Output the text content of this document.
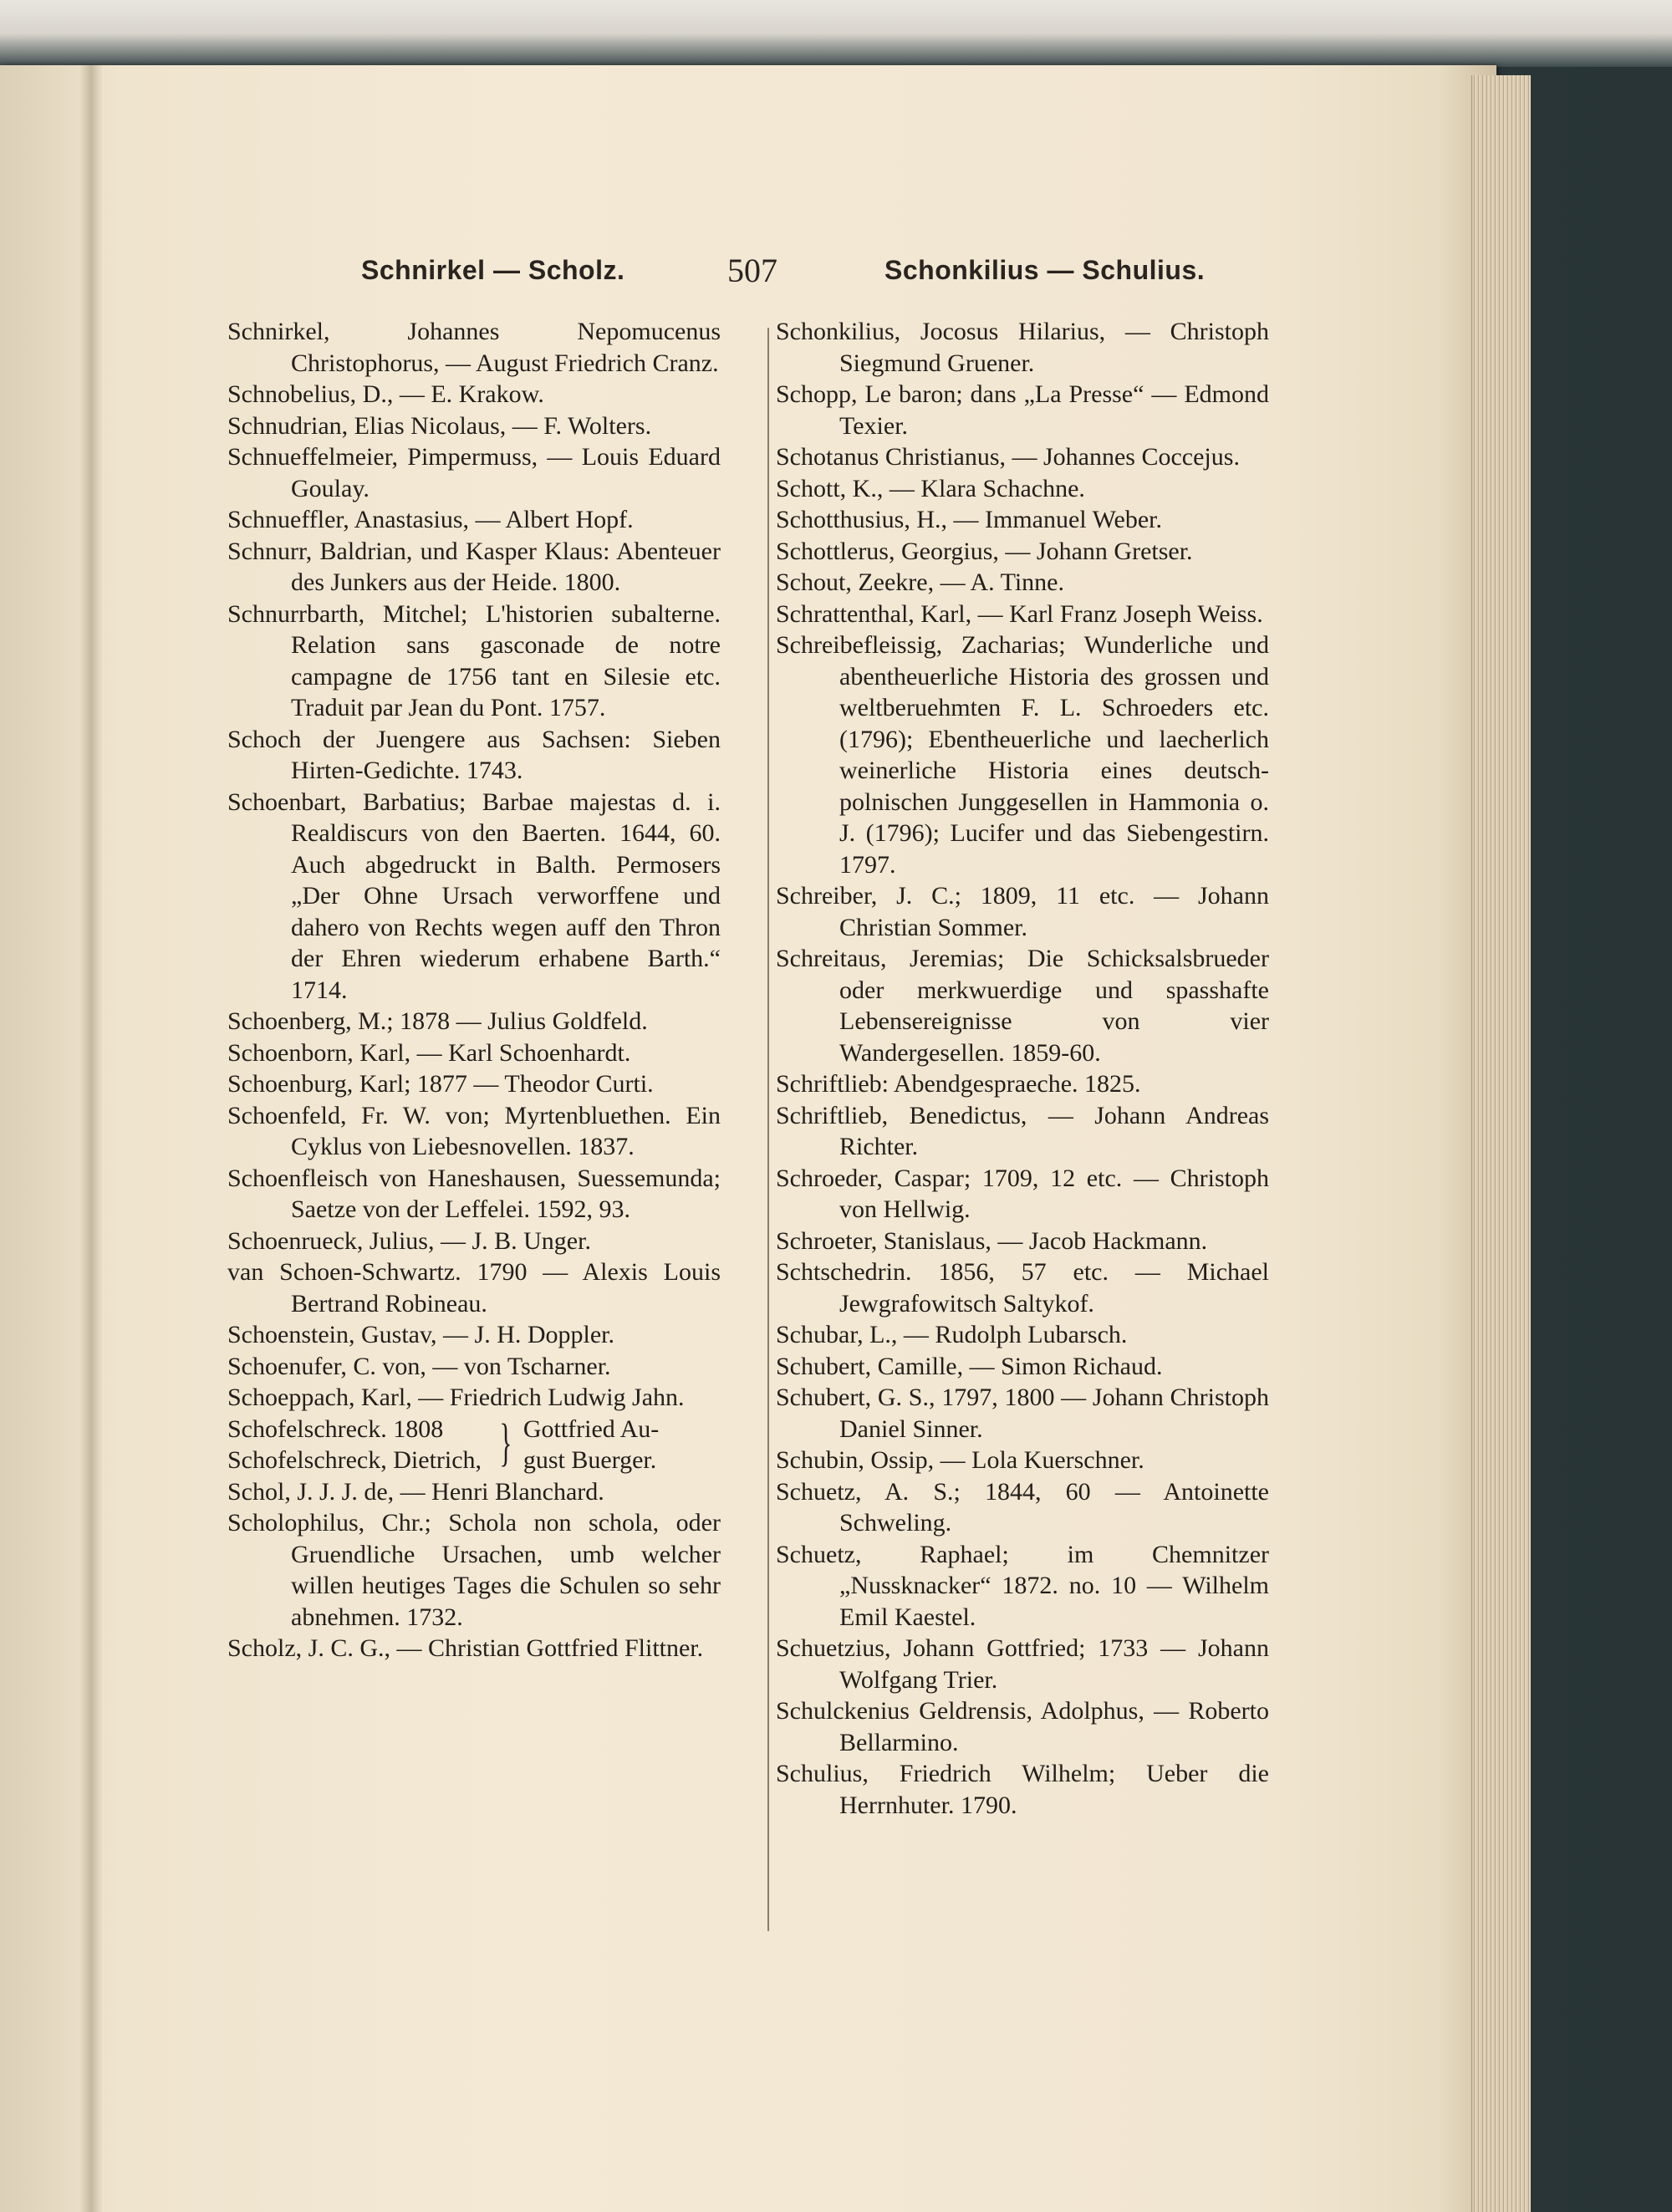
Schnirkel — Scholz.	507	Schonkilius — Schulius.
Schnirkel, Johannes Nepomucenus Christophorus, — August Friedrich Cranz.
Schnobelius, D., — E. Krakow.
Schnudrian, Elias Nicolaus, — F. Wolters.
Schnueffelmeier, Pimpermuss, — Louis Eduard Goulay.
Schnueffler, Anastasius, — Albert Hopf.
Schnurr, Baldrian, und Kasper Klaus: Abenteuer des Junkers aus der Heide. 1800.
Schnurrbarth, Mitchel; L'historien subalterne. Relation sans gasconade de notre campagne de 1756 tant en Silesie etc. Traduit par Jean du Pont. 1757.
Schoch der Juengere aus Sachsen: Sieben Hirten-Gedichte. 1743.
Schoenbart, Barbatius; Barbae majestas d. i. Realdiscurs von den Baerten. 1644, 60. Auch abgedruckt in Balth. Permosers „Der Ohne Ursach verworffene und dahero von Rechts wegen auff den Thron der Ehren wiederum erhabene Barth.“ 1714.
Schoenberg, M.; 1878 — Julius Goldfeld.
Schoenborn, Karl, — Karl Schoenhardt.
Schoenburg, Karl; 1877 — Theodor Curti.
Schoenfeld, Fr. W. von; Myrtenbluethen. Ein Cyklus von Liebesnovellen. 1837.
Schoenfleisch von Haneshausen, Suessemunda; Saetze von der Leffelei. 1592, 93.
Schoenrueck, Julius, — J. B. Unger.
van Schoen-Schwartz. 1790 — Alexis Louis Bertrand Robineau.
Schoenstein, Gustav, — J. H. Doppler.
Schoenufer, C. von, — von Tscharner.
Schoeppach, Karl, — Friedrich Ludwig Jahn.
Schofelschreck. 1808
Schofelschreck, Dietrich, } Gottfried Au-
gust Buerger.
Schol, J. J. J. de, — Henri Blanchard.
Scholophilus, Chr.; Schola non schola, oder Gruendliche Ursachen, umb welcher willen heutiges Tages die Schulen so sehr abnehmen. 1732.
Scholz, J. C. G., — Christian Gottfried Flittner.
Schonkilius, Jocosus Hilarius, — Christoph Siegmund Gruener.
Schopp, Le baron; dans „La Presse“ — Edmond Texier.
Schotanus Christianus, — Johannes Coccejus.
Schott, K., — Klara Schachne.
Schotthusius, H., — Immanuel Weber.
Schottlerus, Georgius, — Johann Gretser.
Schout, Zeekre, — A. Tinne.
Schrattenthal, Karl, — Karl Franz Joseph Weiss.
Schreibefleissig, Zacharias; Wunderliche und abentheuerliche Historia des grossen und weltberuehmten F. L. Schroeders etc. (1796); Ebentheuerliche und laecherlich weinerliche Historia eines deutsch-polnischen Junggesellen in Hammonia o. J. (1796); Lucifer und das Siebengestirn. 1797.
Schreiber, J. C.; 1809, 11 etc. — Johann Christian Sommer.
Schreitaus, Jeremias; Die Schicksalsbrueder oder merkwuerdige und spasshafte Lebensereignisse von vier Wandergesellen. 1859-60.
Schriftlieb: Abendgespraeche. 1825.
Schriftlieb, Benedictus, — Johann Andreas Richter.
Schroeder, Caspar; 1709, 12 etc. — Christoph von Hellwig.
Schroeter, Stanislaus, — Jacob Hackmann.
Schtschedrin. 1856, 57 etc. — Michael Jewgrafowitsch Saltykof.
Schubar, L., — Rudolph Lubarsch.
Schubert, Camille, — Simon Richaud.
Schubert, G. S., 1797, 1800 — Johann Christoph Daniel Sinner.
Schubin, Ossip, — Lola Kuerschner.
Schuetz, A. S.; 1844, 60 — Antoinette Schweling.
Schuetz, Raphael; im Chemnitzer „Nussknacker“ 1872. no. 10 — Wilhelm Emil Kaestel.
Schuetzius, Johann Gottfried; 1733 — Johann Wolfgang Trier.
Schulckenius Geldrensis, Adolphus, — Roberto Bellarmino.
Schulius, Friedrich Wilhelm; Ueber die Herrnhuter. 1790.
